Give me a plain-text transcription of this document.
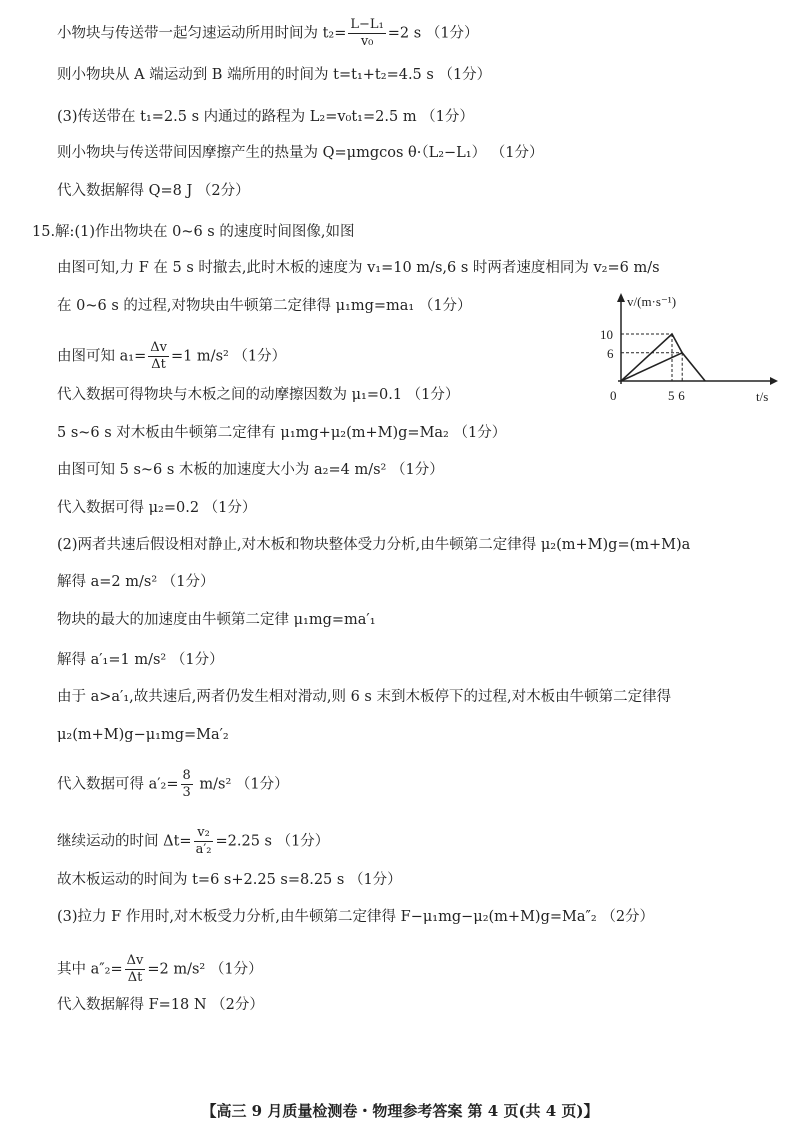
小物块与传送带一起匀速运动所用时间为 $t_2= \frac{\text{L−L₁}}{\text{v₀}} =2$ s （1分）
则小物块从 A 端运动到 B 端所用的时间为 t=t₁+t₂=4.5 s （1分）
(3)传送带在 t₁=2.5 s 内通过的路程为 L₂=v₀t₁=2.5 m （1分）
则小物块与传送带间因摩擦产生的热量为 Q=μmgcos θ·（L₂−L₁） （1分）
代入数据解得 Q=8 J （2分）
15.解:(1)作出物块在 0~6 s 的速度时间图像,如图
由图可知,力 F 在 5 s 时撤去,此时木板的速度为 v₁=10 m/s,6 s 时两者速度相同为 v₂=6 m/s
在 0~6 s 的过程,对物块由牛顿第二定律得 μ₁mg=ma₁ （1分）
由图可知 $a_1= \frac{\Delta v}{\Delta t} =1$ m/s² （1分）
代入数据可得物块与木板之间的动摩擦因数为 μ₁=0.1 （1分）
5 s~6 s 对木板由牛顿第二定律有 μ₁mg+μ₂(m+M)g=Ma₂ （1分）
由图可知 5 s~6 s 木板的加速度大小为 a₂=4 m/s² （1分）
代入数据可得 μ₂=0.2 （1分）
(2)两者共速后假设相对静止,对木板和物块整体受力分析,由牛顿第二定律得 μ₂(m+M)g=(m+M)a
解得 a=2 m/s² （1分）
物块的最大的加速度由牛顿第二定律 μ₁mg=ma′₁
解得 a′₁=1 m/s² （1分）
由于 a>a′₁,故共速后,两者仍发生相对滑动,则 6 s 末到木板停下的过程,对木板由牛顿第二定律得
μ₂(m+M)g−μ₁mg=Ma′₂
代入数据可得 $a'_2= \frac{8}{3} m/s^2$ （1分）
继续运动的时间 $\Delta t= \frac{\text{v₂}}{\text{a′₂}} =2.25$ s （1分）
故木板运动的时间为 t=6 s+2.25 s=8.25 s （1分）
(3)拉力 F 作用时,对木板受力分析,由牛顿第二定律得 F−μ₁mg−μ₂(m+M)g=Ma″₂ （2分）
其中 $a''_2= \frac{\Delta v}{\Delta t} =2$ m/s² （1分）
代入数据解得 F=18 N （2分）
v/(m·s⁻¹)
t/s
0
10
6
5 6
【高三 9 月质量检测卷・物理参考答案 第 4 页(共 4 页)】
